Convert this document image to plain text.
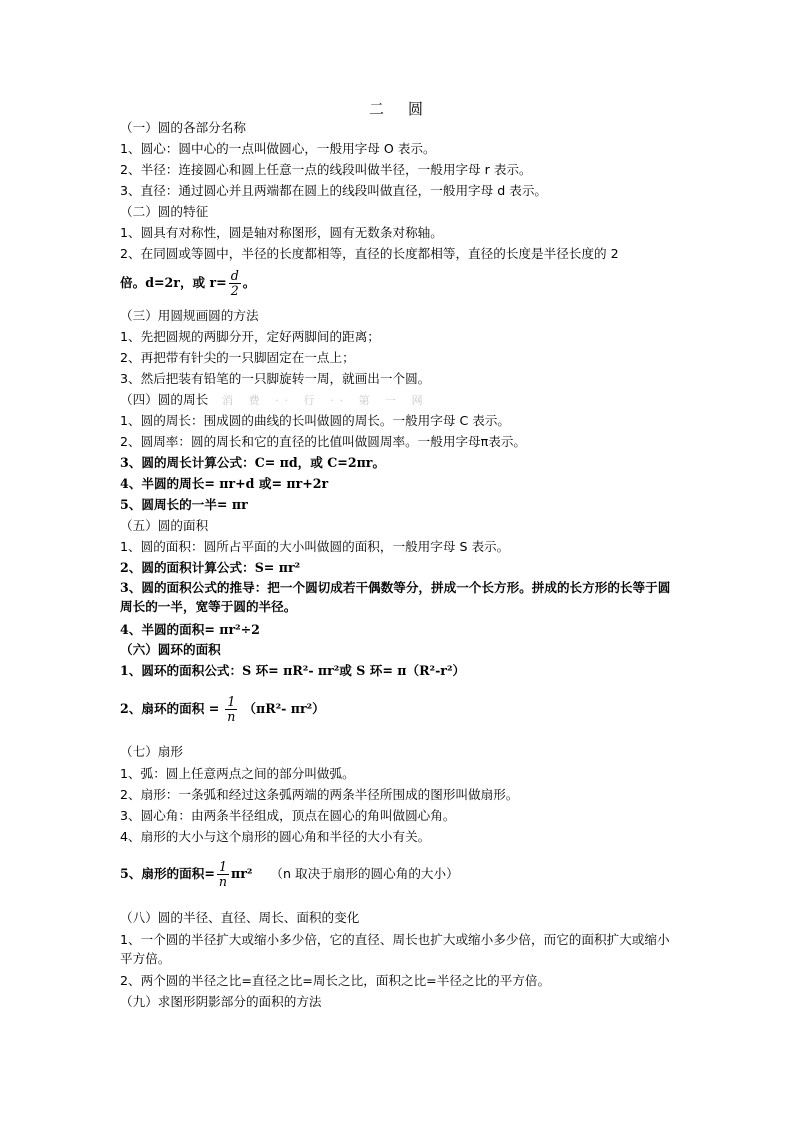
二 圆
（一）圆的各部分名称
1、圆心：圆中心的一点叫做圆心，一般用字母 O 表示。
2、半径：连接圆心和圆上任意一点的线段叫做半径，一般用字母 r 表示。
3、直径：通过圆心并且两端都在圆上的线段叫做直径，一般用字母 d 表示。
（二）圆的特征
1、圆具有对称性，圆是轴对称图形，圆有无数条对称轴。
2、在同圆或等圆中，半径的长度都相等，直径的长度都相等，直径的长度是半径长度的 2
倍。d=2r，或 $r= \frac{d}{2}$ 。
（三）用圆规画圆的方法
1、先把圆规的两脚分开，定好两脚间的距离；
2、再把带有针尖的一只脚固定在一点上；
3、然后把装有铅笔的一只脚旋转一周，就画出一个圆。
（四）圆的周长 消 费 ·· 行 ·· 第 一 网
1、圆的周长：围成圆的曲线的长叫做圆的周长。一般用字母 C 表示。
2、圆周率：圆的周长和它的直径的比值叫做圆周率。一般用字母π表示。
3、圆的周长计算公式：C= πd，或 C=2πr。
4、半圆的周长= πr+d 或= πr+2r
5、圆周长的一半= πr
（五）圆的面积
1、圆的面积：圆所占平面的大小叫做圆的面积，一般用字母 S 表示。
2、圆的面积计算公式：S= πr²
3、圆的面积公式的推导：把一个圆切成若干偶数等分，拼成一个长方形。拼成的长方形的长等于圆周长的一半，宽等于圆的半径。
4、半圆的面积= πr²÷2
（六）圆环的面积
1、圆环的面积公式：S 环= πR²- πr²或 S 环= π（R²-r²）
2、扇环的面积 = $\frac{1}{n} (\pi R^2-$ πr²）
（七）扇形
1、弧：圆上任意两点之间的部分叫做弧。
2、扇形：一条弧和经过这条弧两端的两条半径所围成的图形叫做扇形。
3、圆心角：由两条半径组成，顶点在圆心的角叫做圆心角。
4、扇形的大小与这个扇形的圆心角和半径的大小有关。
5、扇形的面积= $\frac{1}{n} \pi r^2$ （n 取决于扇形的圆心角的大小）
（八）圆的半径、直径、周长、面积的变化
1、一个圆的半径扩大或缩小多少倍，它的直径、周长也扩大或缩小多少倍，而它的面积扩大或缩小平方倍。
2、两个圆的半径之比=直径之比=周长之比，面积之比=半径之比的平方倍。
（九）求图形阴影部分的面积的方法
